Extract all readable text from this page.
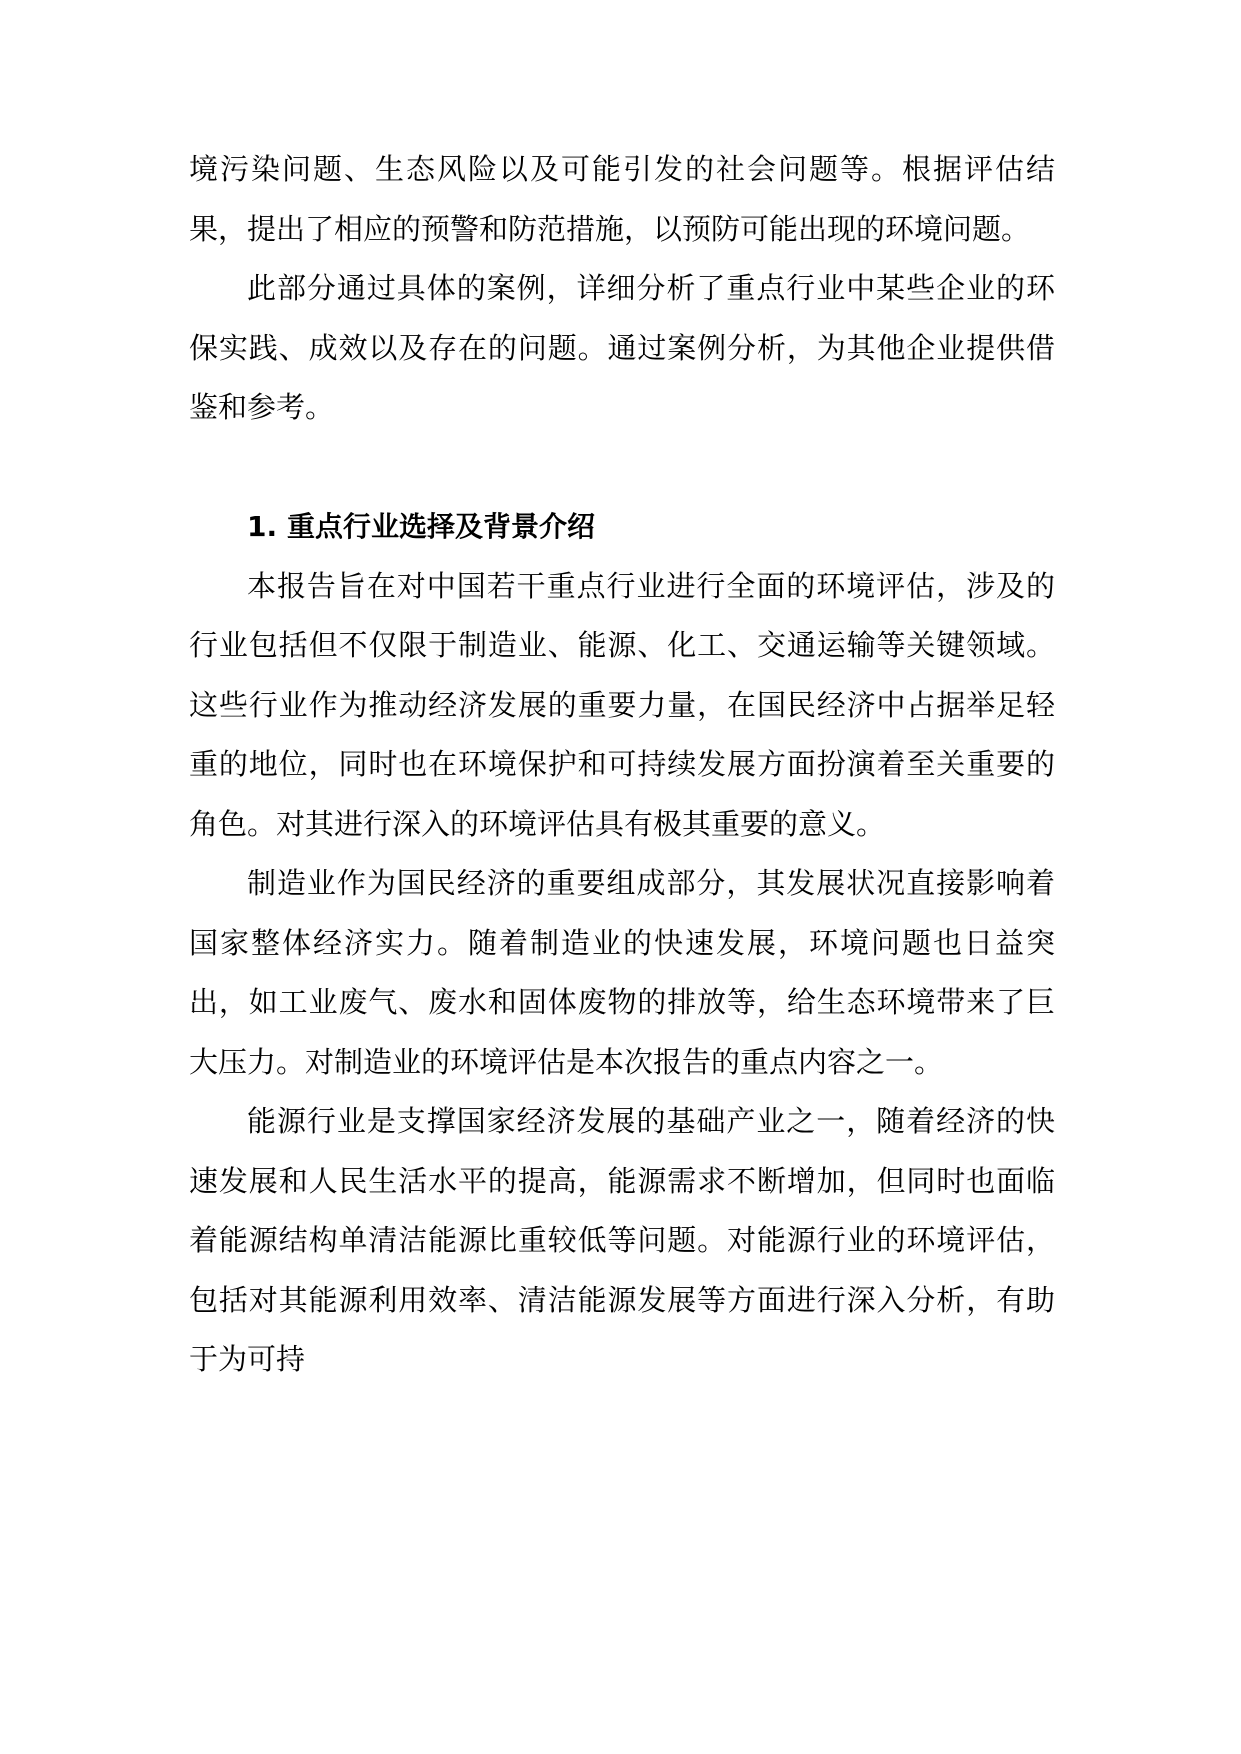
境污染问题、生态风险以及可能引发的社会问题等。根据评估结果，提出了相应的预警和防范措施，以预防可能出现的环境问题。

此部分通过具体的案例，详细分析了重点行业中某些企业的环保实践、成效以及存在的问题。通过案例分析，为其他企业提供借鉴和参考。

1. 重点行业选择及背景介绍

本报告旨在对中国若干重点行业进行全面的环境评估，涉及的行业包括但不仅限于制造业、能源、化工、交通运输等关键领域。这些行业作为推动经济发展的重要力量，在国民经济中占据举足轻重的地位，同时也在环境保护和可持续发展方面扮演着至关重要的角色。对其进行深入的环境评估具有极其重要的意义。

制造业作为国民经济的重要组成部分，其发展状况直接影响着国家整体经济实力。随着制造业的快速发展，环境问题也日益突出，如工业废气、废水和固体废物的排放等，给生态环境带来了巨大压力。对制造业的环境评估是本次报告的重点内容之一。

能源行业是支撑国家经济发展的基础产业之一，随着经济的快速发展和人民生活水平的提高，能源需求不断增加，但同时也面临着能源结构单清洁能源比重较低等问题。对能源行业的环境评估，包括对其能源利用效率、清洁能源发展等方面进行深入分析，有助于为可持
